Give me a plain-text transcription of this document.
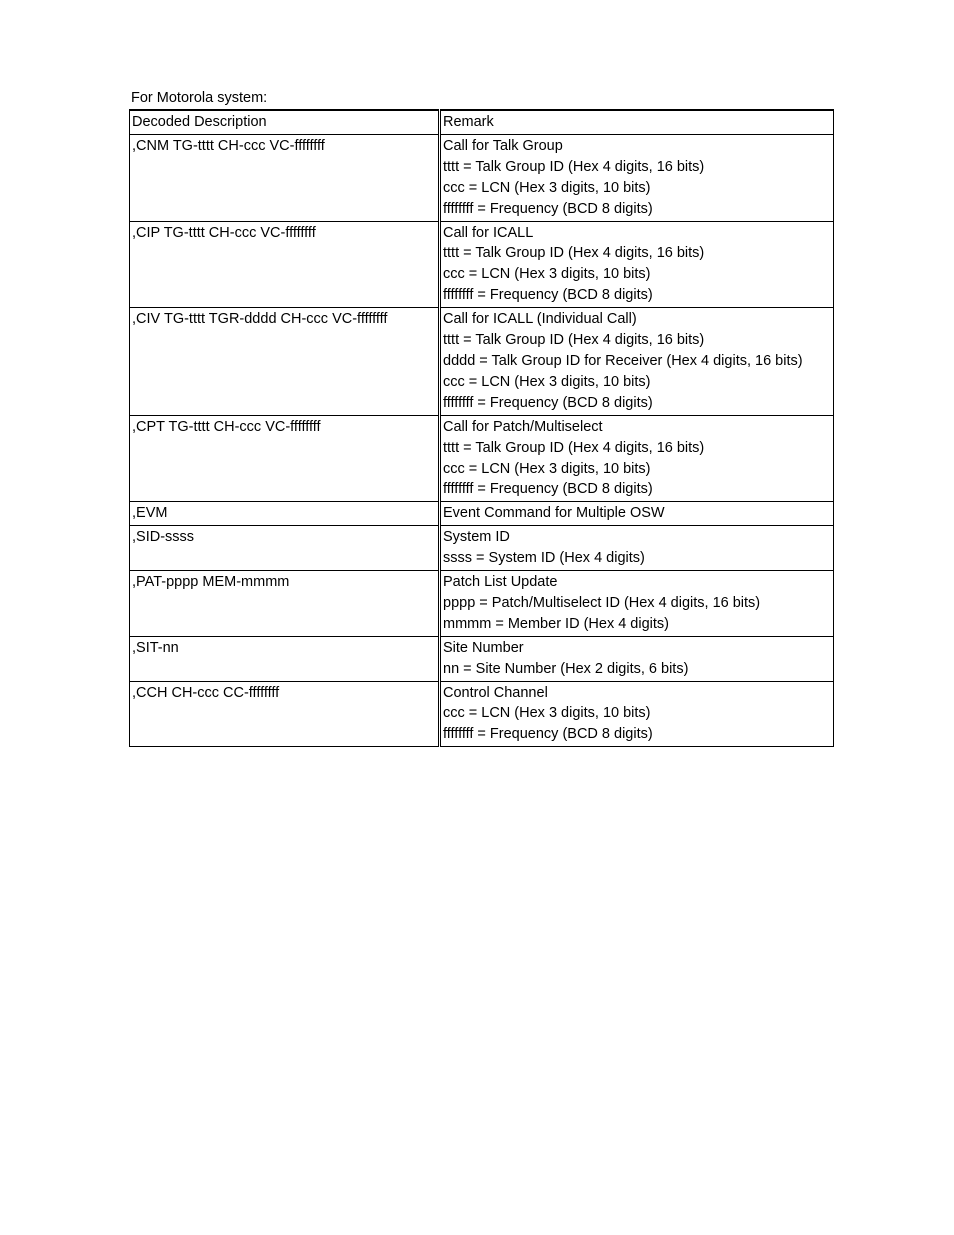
For Motorola system:
Decoded Description	Remark
,CNM TG-tttt CH-ccc VC-ffffffff	Call for Talk Group
tttt = Talk Group ID (Hex 4 digits, 16 bits)
ccc = LCN (Hex 3 digits, 10 bits)
ffffffff = Frequency (BCD 8 digits)

,CIP TG-tttt CH-ccc VC-ffffffff	Call for ICALL
tttt = Talk Group ID (Hex 4 digits, 16 bits)
ccc = LCN (Hex 3 digits, 10 bits)
ffffffff = Frequency (BCD 8 digits)

,CIV TG-tttt TGR-dddd CH-ccc VC-ffffffff	Call for ICALL (Individual Call)
tttt = Talk Group ID (Hex 4 digits, 16 bits)
dddd = Talk Group ID for Receiver (Hex 4 digits, 16 bits)
ccc = LCN (Hex 3 digits, 10 bits)
ffffffff = Frequency (BCD 8 digits)

,CPT TG-tttt CH-ccc VC-ffffffff	Call for Patch/Multiselect
tttt = Talk Group ID (Hex 4 digits, 16 bits)
ccc = LCN (Hex 3 digits, 10 bits)
ffffffff = Frequency (BCD 8 digits)

,EVM	Event Command for Multiple OSW

,SID-ssss	System ID
ssss = System ID (Hex 4 digits)

,PAT-pppp MEM-mmmm	Patch List Update
pppp = Patch/Multiselect ID (Hex 4 digits, 16 bits)
mmmm = Member ID (Hex 4 digits)

,SIT-nn	Site Number
nn = Site Number (Hex 2 digits, 6 bits)

,CCH CH-ccc CC-ffffffff	Control Channel
ccc = LCN (Hex 3 digits, 10 bits)
ffffffff = Frequency (BCD 8 digits)
